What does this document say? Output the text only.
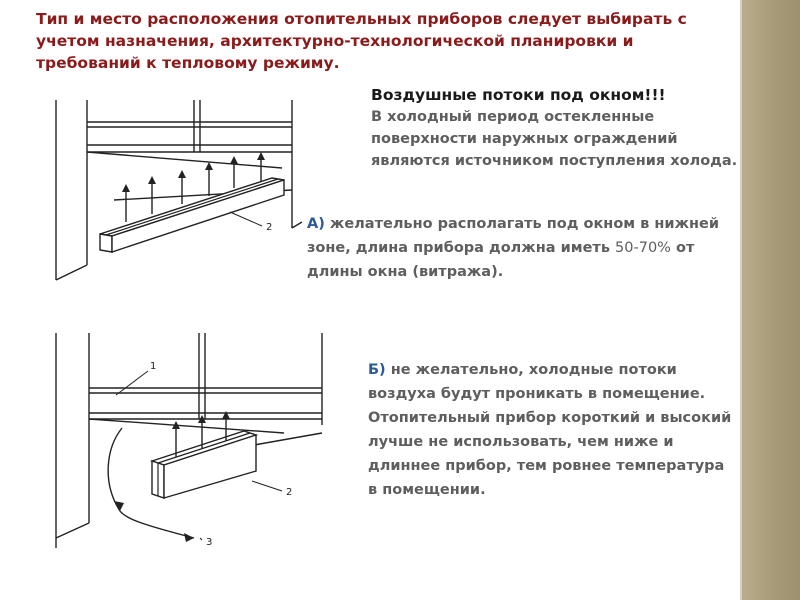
Тип и место расположения отопительных приборов следует выбирать с учетом назначения, архитектурно-технологической планировки и требований к тепловому режиму.

2
Воздушные потоки под окном!!!
В холодный период остекленные поверхности наружных ограждений являются источником поступления холода.

А) желательно располагать под окном в нижней зоне, длина прибора должна иметь 50-70% от длины окна (витража).

1
2
3
Б) не желательно, холодные потоки воздуха будут проникать в помещение.
Отопительный прибор короткий и высокий лучше не использовать, чем ниже и длиннее прибор, тем ровнее температура в помещении.
